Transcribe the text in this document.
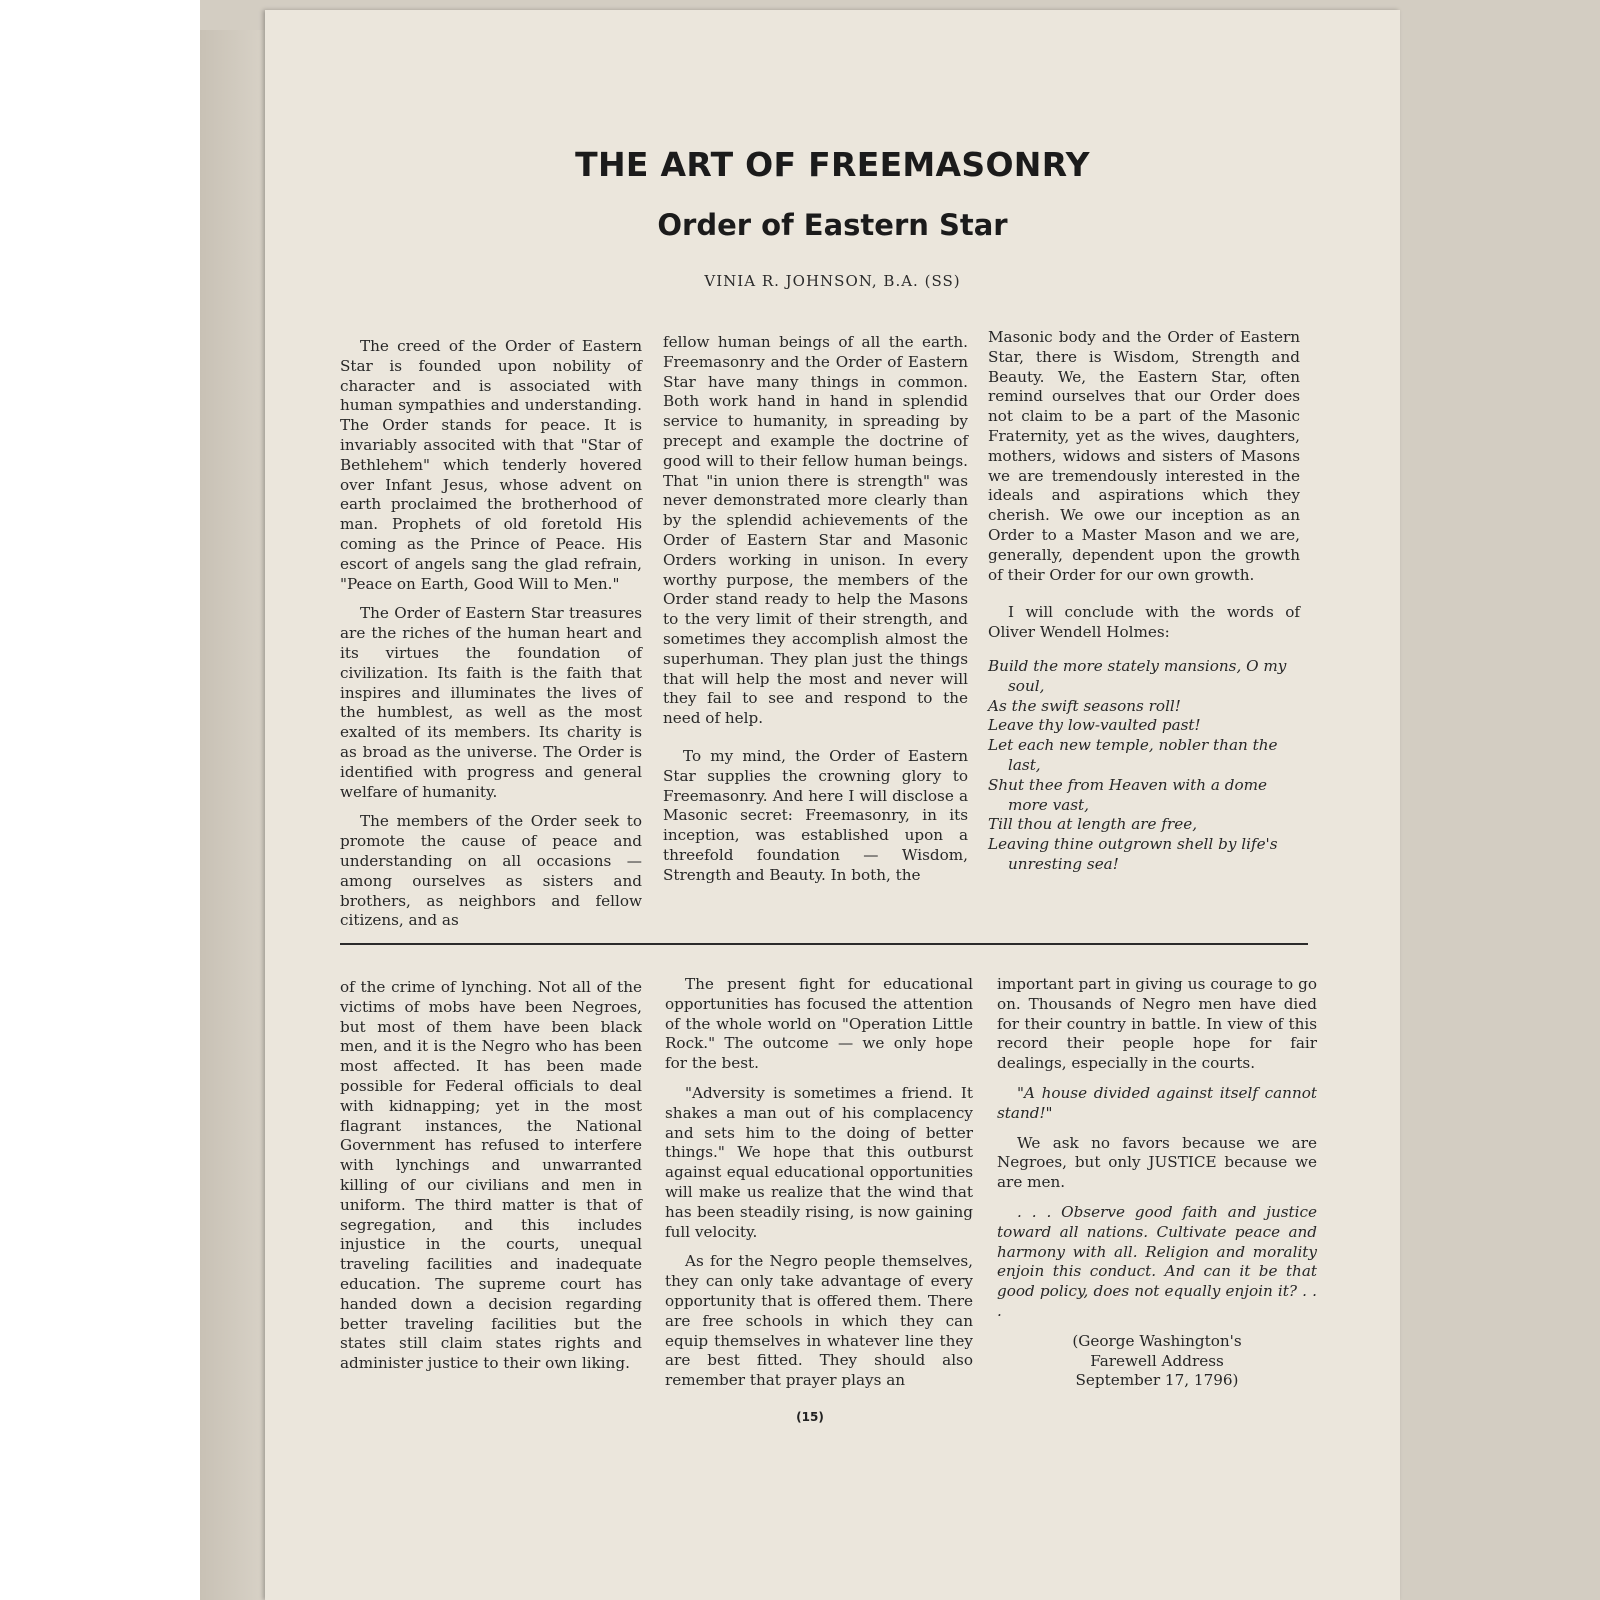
THE ART OF FREEMASONRY
Order of Eastern Star
VINIA R. JOHNSON, B.A. (SS)

The creed of the Order of Eastern Star is founded upon nobility of character and is associated with human sympathies and understanding. The Order stands for peace. It is invariably associted with that "Star of Bethlehem" which tenderly hovered over Infant Jesus, whose advent on earth proclaimed the brotherhood of man. Prophets of old foretold His coming as the Prince of Peace. His escort of angels sang the glad refrain, "Peace on Earth, Good Will to Men."

The Order of Eastern Star treasures are the riches of the human heart and its virtues the foundation of civilization. Its faith is the faith that inspires and illuminates the lives of the humblest, as well as the most exalted of its members. Its charity is as broad as the universe. The Order is identified with progress and general welfare of humanity.

The members of the Order seek to promote the cause of peace and understanding on all occasions — among ourselves as sisters and brothers, as neighbors and fellow citizens, and as

fellow human beings of all the earth. Freemasonry and the Order of Eastern Star have many things in common. Both work hand in hand in splendid service to humanity, in spreading by precept and example the doctrine of good will to their fellow human beings. That "in union there is strength" was never demonstrated more clearly than by the splendid achievements of the Order of Eastern Star and Masonic Orders working in unison. In every worthy purpose, the members of the Order stand ready to help the Masons to the very limit of their strength, and sometimes they accomplish almost the superhuman. They plan just the things that will help the most and never will they fail to see and respond to the need of help.

To my mind, the Order of Eastern Star supplies the crowning glory to Freemasonry. And here I will disclose a Masonic secret: Freemasonry, in its inception, was established upon a threefold foundation — Wisdom, Strength and Beauty. In both, the

Masonic body and the Order of Eastern Star, there is Wisdom, Strength and Beauty. We, the Eastern Star, often remind ourselves that our Order does not claim to be a part of the Masonic Fraternity, yet as the wives, daughters, mothers, widows and sisters of Masons we are tremendously interested in the ideals and aspirations which they cherish. We owe our inception as an Order to a Master Mason and we are, generally, dependent upon the growth of their Order for our own growth.

I will conclude with the words of Oliver Wendell Holmes:

Build the more stately mansions, O my soul,
As the swift seasons roll!
Leave thy low-vaulted past!
Let each new temple, nobler than the last,
Shut thee from Heaven with a dome more vast,
Till thou at length are free,
Leaving thine outgrown shell by life's unresting sea!

of the crime of lynching. Not all of the victims of mobs have been Negroes, but most of them have been black men, and it is the Negro who has been most affected. It has been made possible for Federal officials to deal with kidnapping; yet in the most flagrant instances, the National Government has refused to interfere with lynchings and unwarranted killing of our civilians and men in uniform. The third matter is that of segregation, and this includes injustice in the courts, unequal traveling facilities and inadequate education. The supreme court has handed down a decision regarding better traveling facilities but the states still claim states rights and administer justice to their own liking.

The present fight for educational opportunities has focused the attention of the whole world on "Operation Little Rock." The outcome — we only hope for the best.

"Adversity is sometimes a friend. It shakes a man out of his complacency and sets him to the doing of better things." We hope that this outburst against equal educational opportunities will make us realize that the wind that has been steadily rising, is now gaining full velocity.

As for the Negro people themselves, they can only take advantage of every opportunity that is offered them. There are free schools in which they can equip themselves in whatever line they are best fitted. They should also remember that prayer plays an

important part in giving us courage to go on. Thousands of Negro men have died for their country in battle. In view of this record their people hope for fair dealings, especially in the courts.

"A house divided against itself cannot stand!"

We ask no favors because we are Negroes, but only JUSTICE because we are men.

. . . Observe good faith and justice toward all nations. Cultivate peace and harmony with all. Religion and morality enjoin this conduct. And can it be that good policy, does not equally enjoin it? . . .

(George Washington's
Farewell Address
September 17, 1796)
(15)
